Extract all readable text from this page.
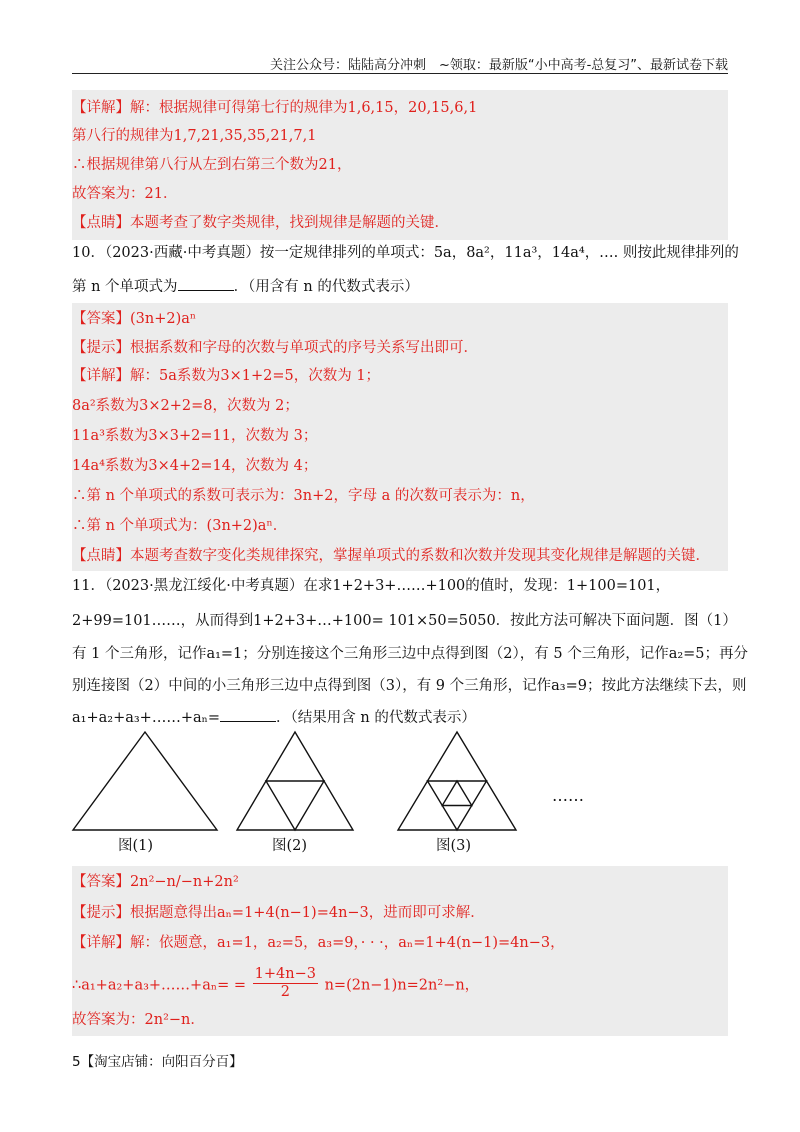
关注公众号：陆陆高分冲刺　~领取：最新版“小中高考-总复习”、最新试卷下载
【详解】解：根据规律可得第七行的规律为1,6,15，20,15,6,1
第八行的规律为1,7,21,35,35,21,7,1
∴根据规律第八行从左到右第三个数为21，
故答案为：21．
【点睛】本题考查了数字类规律，找到规律是解题的关键．
10．（2023·西藏·中考真题）按一定规律排列的单项式：5a，8a²，11a³，14a⁴，…. 则按此规律排列的
第 n 个单项式为	．（用含有 n 的代数式表示）
【答案】(3n+2)aⁿ
【提示】根据系数和字母的次数与单项式的序号关系写出即可．
【详解】解：5a系数为3×1+2=5，次数为 1；
8a²系数为3×2+2=8，次数为 2；
11a³系数为3×3+2=11，次数为 3；
14a⁴系数为3×4+2=14，次数为 4；
∴第 n 个单项式的系数可表示为：3n+2，字母 a 的次数可表示为：n，
∴第 n 个单项式为：(3n+2)aⁿ．
【点睛】本题考查数字变化类规律探究，掌握单项式的系数和次数并发现其变化规律是解题的关键．
11．（2023·黑龙江绥化·中考真题）在求1+2+3+……+100的值时，发现：1+100=101，
2+99=101……，从而得到1+2+3+…+100= 101×50=5050．按此方法可解决下面问题．图（1）
有 1 个三角形，记作a₁=1；分别连接这个三角形三边中点得到图（2），有 5 个三角形，记作a₂=5；再分
别连接图（2）中间的小三角形三边中点得到图（3），有 9 个三角形，记作a₃=9；按此方法继续下去，则
a₁+a₂+a₃+……+aₙ=	．（结果用含 n 的代数式表示）
图(1)	图(2)	图(3)
……
【答案】2n²−n/−n+2n²
【提示】根据题意得出aₙ=1+4(n−1)=4n−3，进而即可求解．
【详解】解：依题意，a₁=1，a₂=5，a₃=9，· · ·，aₙ=1+4(n−1)=4n−3，
∴a₁+a₂+a₃+……+aₙ= = $\frac{1+4n-3}{2} n=(2n-1)n=2n^2-n$，
故答案为：2n²−n．
5【淘宝店铺：向阳百分百】
